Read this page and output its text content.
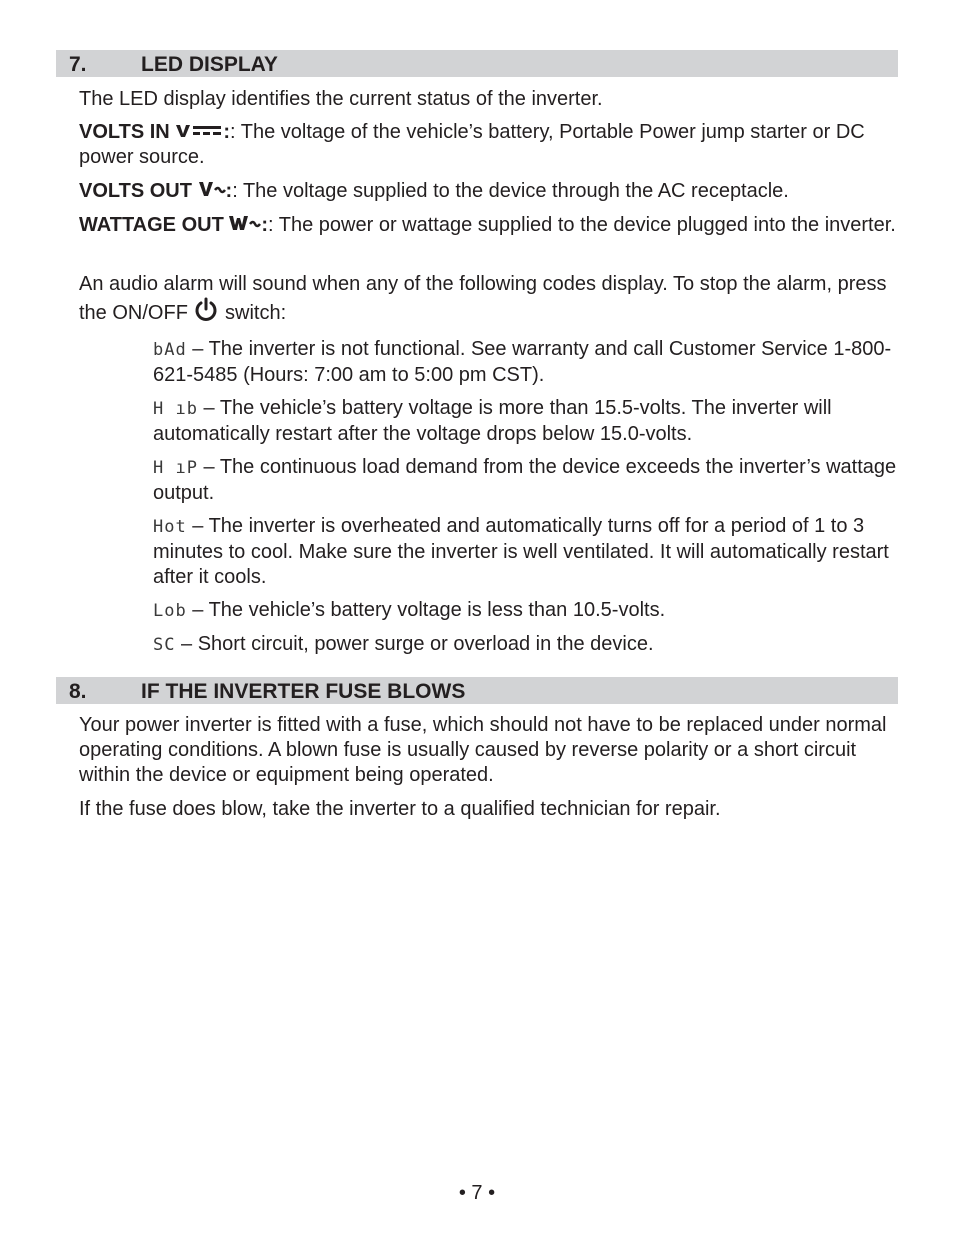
7.	LED DISPLAY

The LED display identifies the current status of the inverter.

VOLTS IN	:: The voltage of the vehicle’s battery, Portable Power jump starter or DC power source.

VOLTS OUT :: The voltage supplied to the device through the AC receptacle.

WATTAGE OUT :: The power or wattage supplied to the device plugged into the inverter.

An audio alarm will sound when any of the following codes display. To stop the alarm, press the ON/OFF switch:

bAd – The inverter is not functional. See warranty and call Customer Service 1-800-621-5485 (Hours: 7:00 am to 5:00 pm CST).

H ıb – The vehicle’s battery voltage is more than 15.5-volts. The inverter will automatically restart after the voltage drops below 15.0-volts.

H ıP – The continuous load demand from the device exceeds the inverter’s wattage output.

Hot – The inverter is overheated and automatically turns off for a period of 1 to 3 minutes to cool. Make sure the inverter is well ventilated. It will automatically restart after it cools.

Lob – The vehicle’s battery voltage is less than 10.5-volts.

SC – Short circuit, power surge or overload in the device.

8.	IF THE INVERTER FUSE BLOWS

Your power inverter is fitted with a fuse, which should not have to be replaced under normal operating conditions. A blown fuse is usually caused by reverse polarity or a short circuit within the device or equipment being operated.

If the fuse does blow, take the inverter to a qualified technician for repair.

• 7 •
